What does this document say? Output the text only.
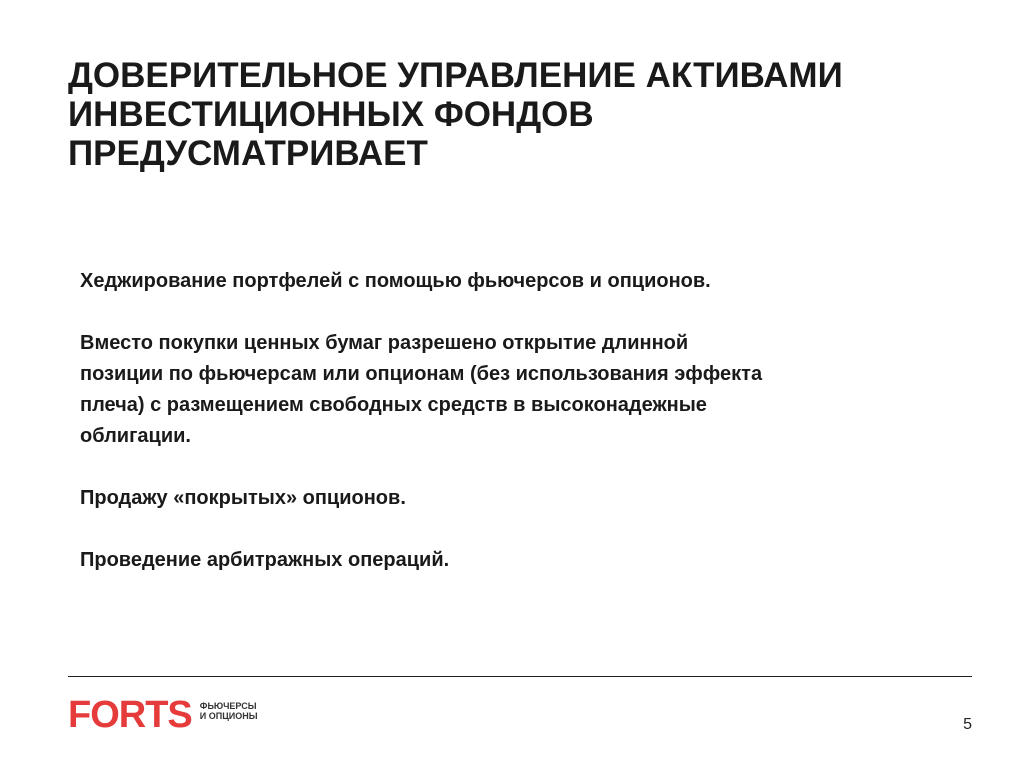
ДОВЕРИТЕЛЬНОЕ УПРАВЛЕНИЕ АКТИВАМИ
ИНВЕСТИЦИОННЫХ ФОНДОВ
ПРЕДУСМАТРИВАЕТ

Хеджирование портфелей с помощью фьючерсов и опционов.

Вместо покупки ценных бумаг разрешено открытие длинной
позиции по фьючерсам или опционам (без использования эффекта
плеча) с размещением свободных средств в высоконадежные
облигации.

Продажу «покрытых» опционов.

Проведение арбитражных операций.

FORTS ФЬЮЧЕРСЫ
И ОПЦИОНЫ	5
